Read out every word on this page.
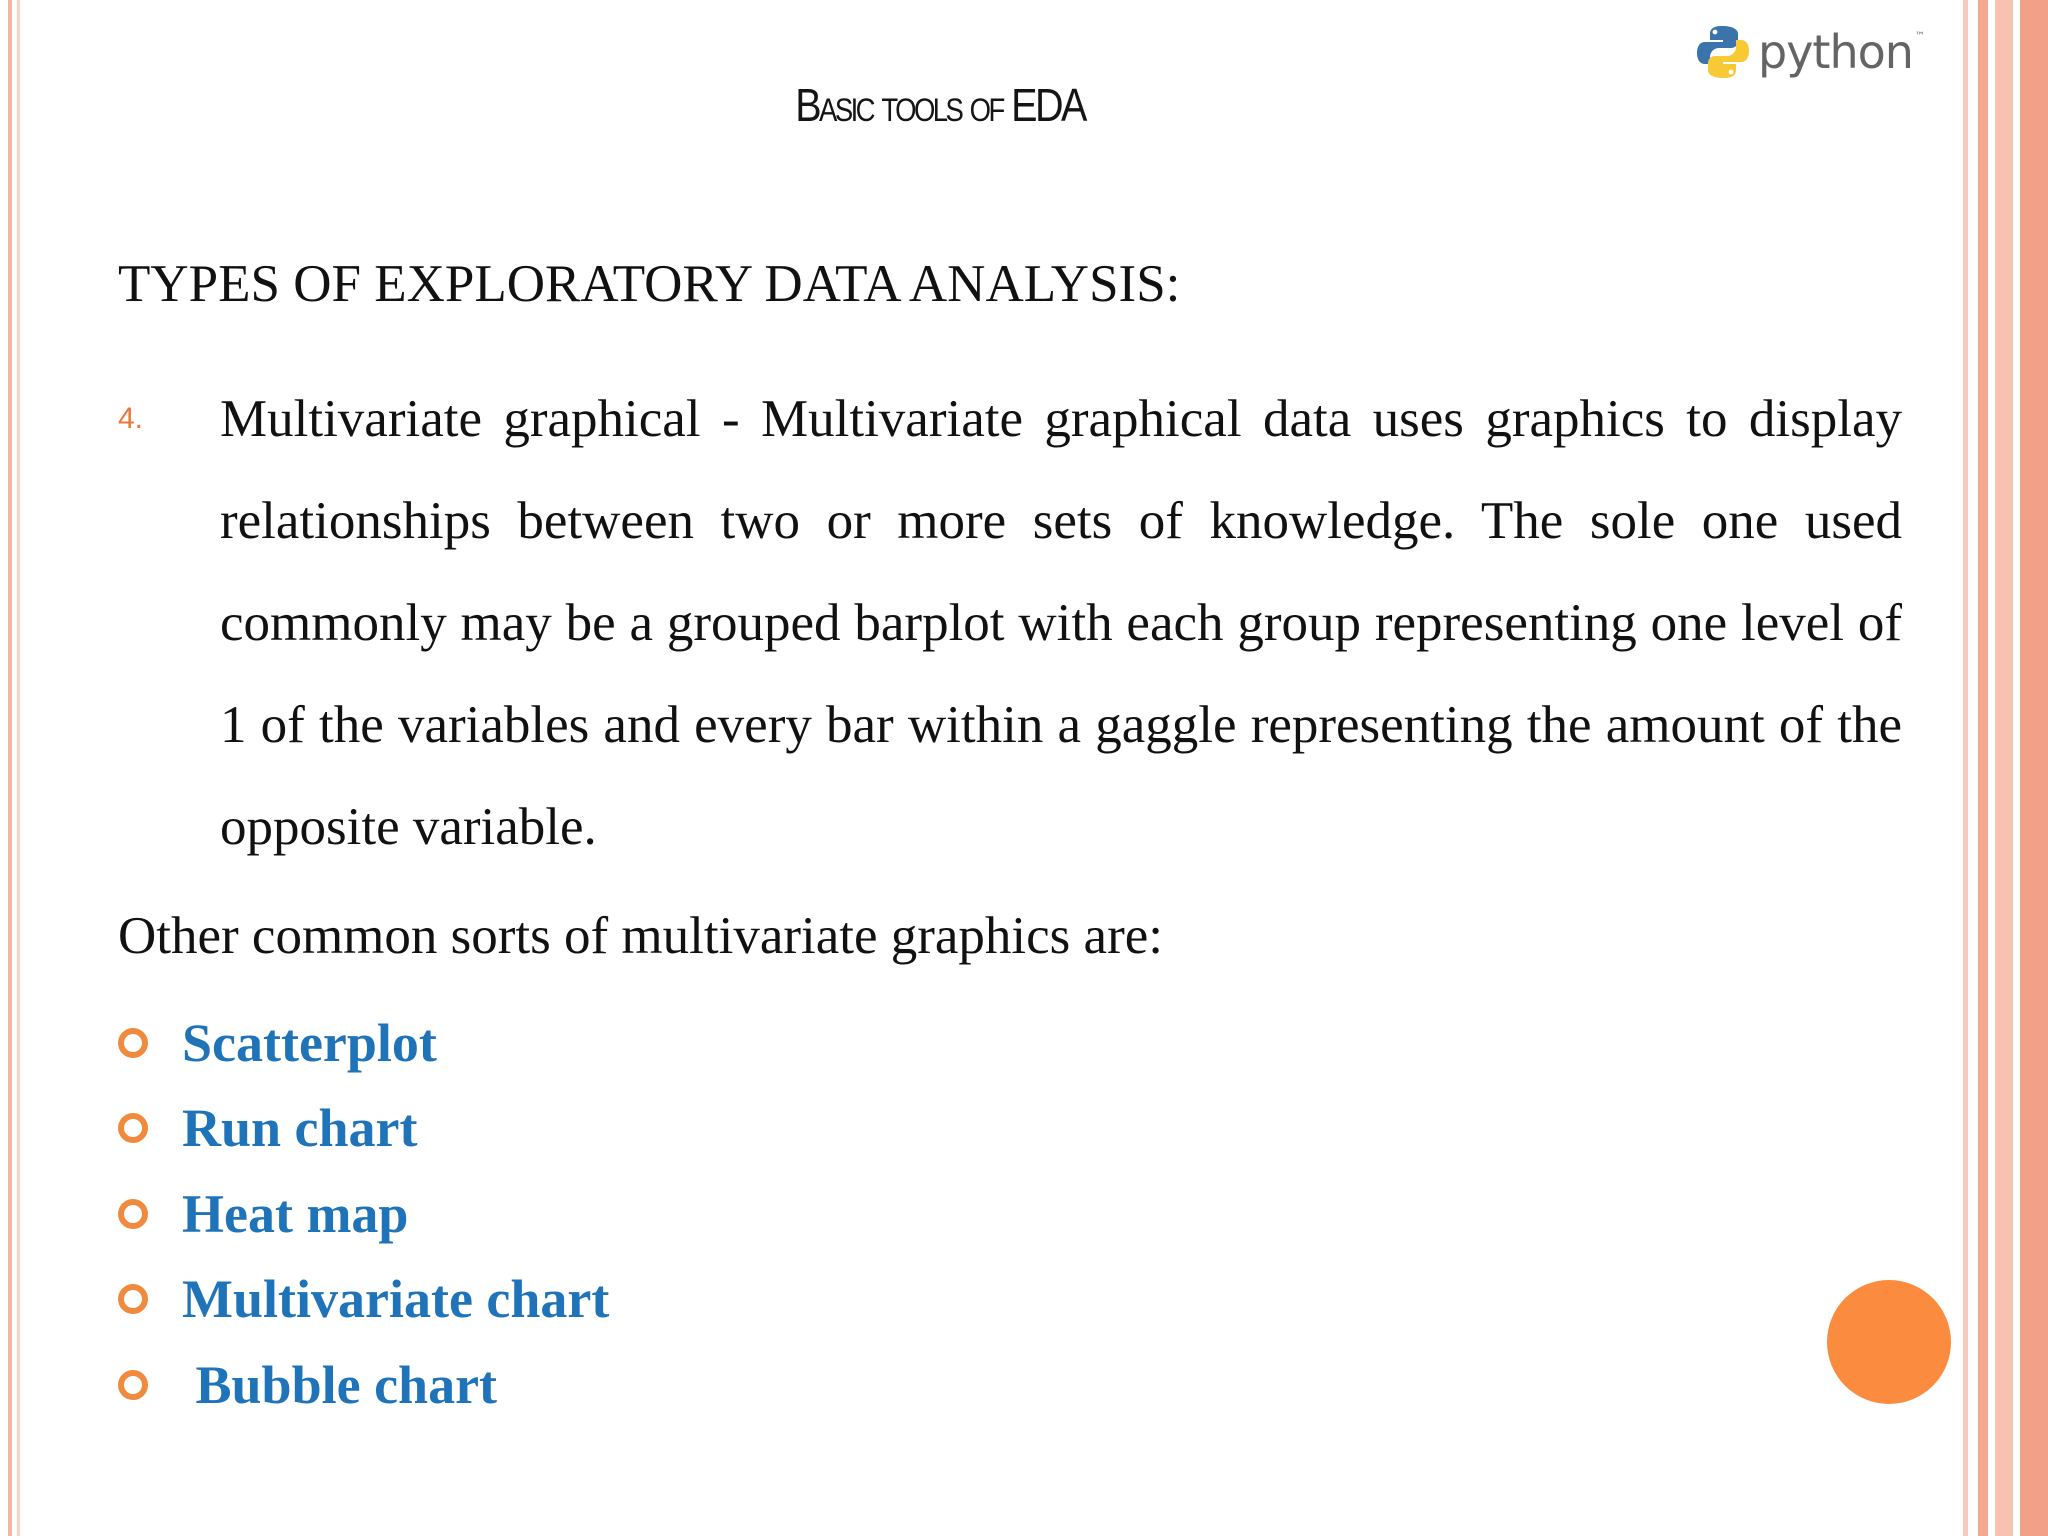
python ™
Basic tools of EDA
TYPES OF EXPLORATORY DATA ANALYSIS:
4. Multivariate graphical - Multivariate graphical data uses graphics to display relationships between two or more sets of knowledge. The sole one used commonly may be a grouped barplot with each group representing one level of 1 of the variables and every bar within a gaggle representing the amount of the opposite variable.
Other common sorts of multivariate graphics are:
Scatterplot
Run chart
Heat map
Multivariate chart
Bubble chart
